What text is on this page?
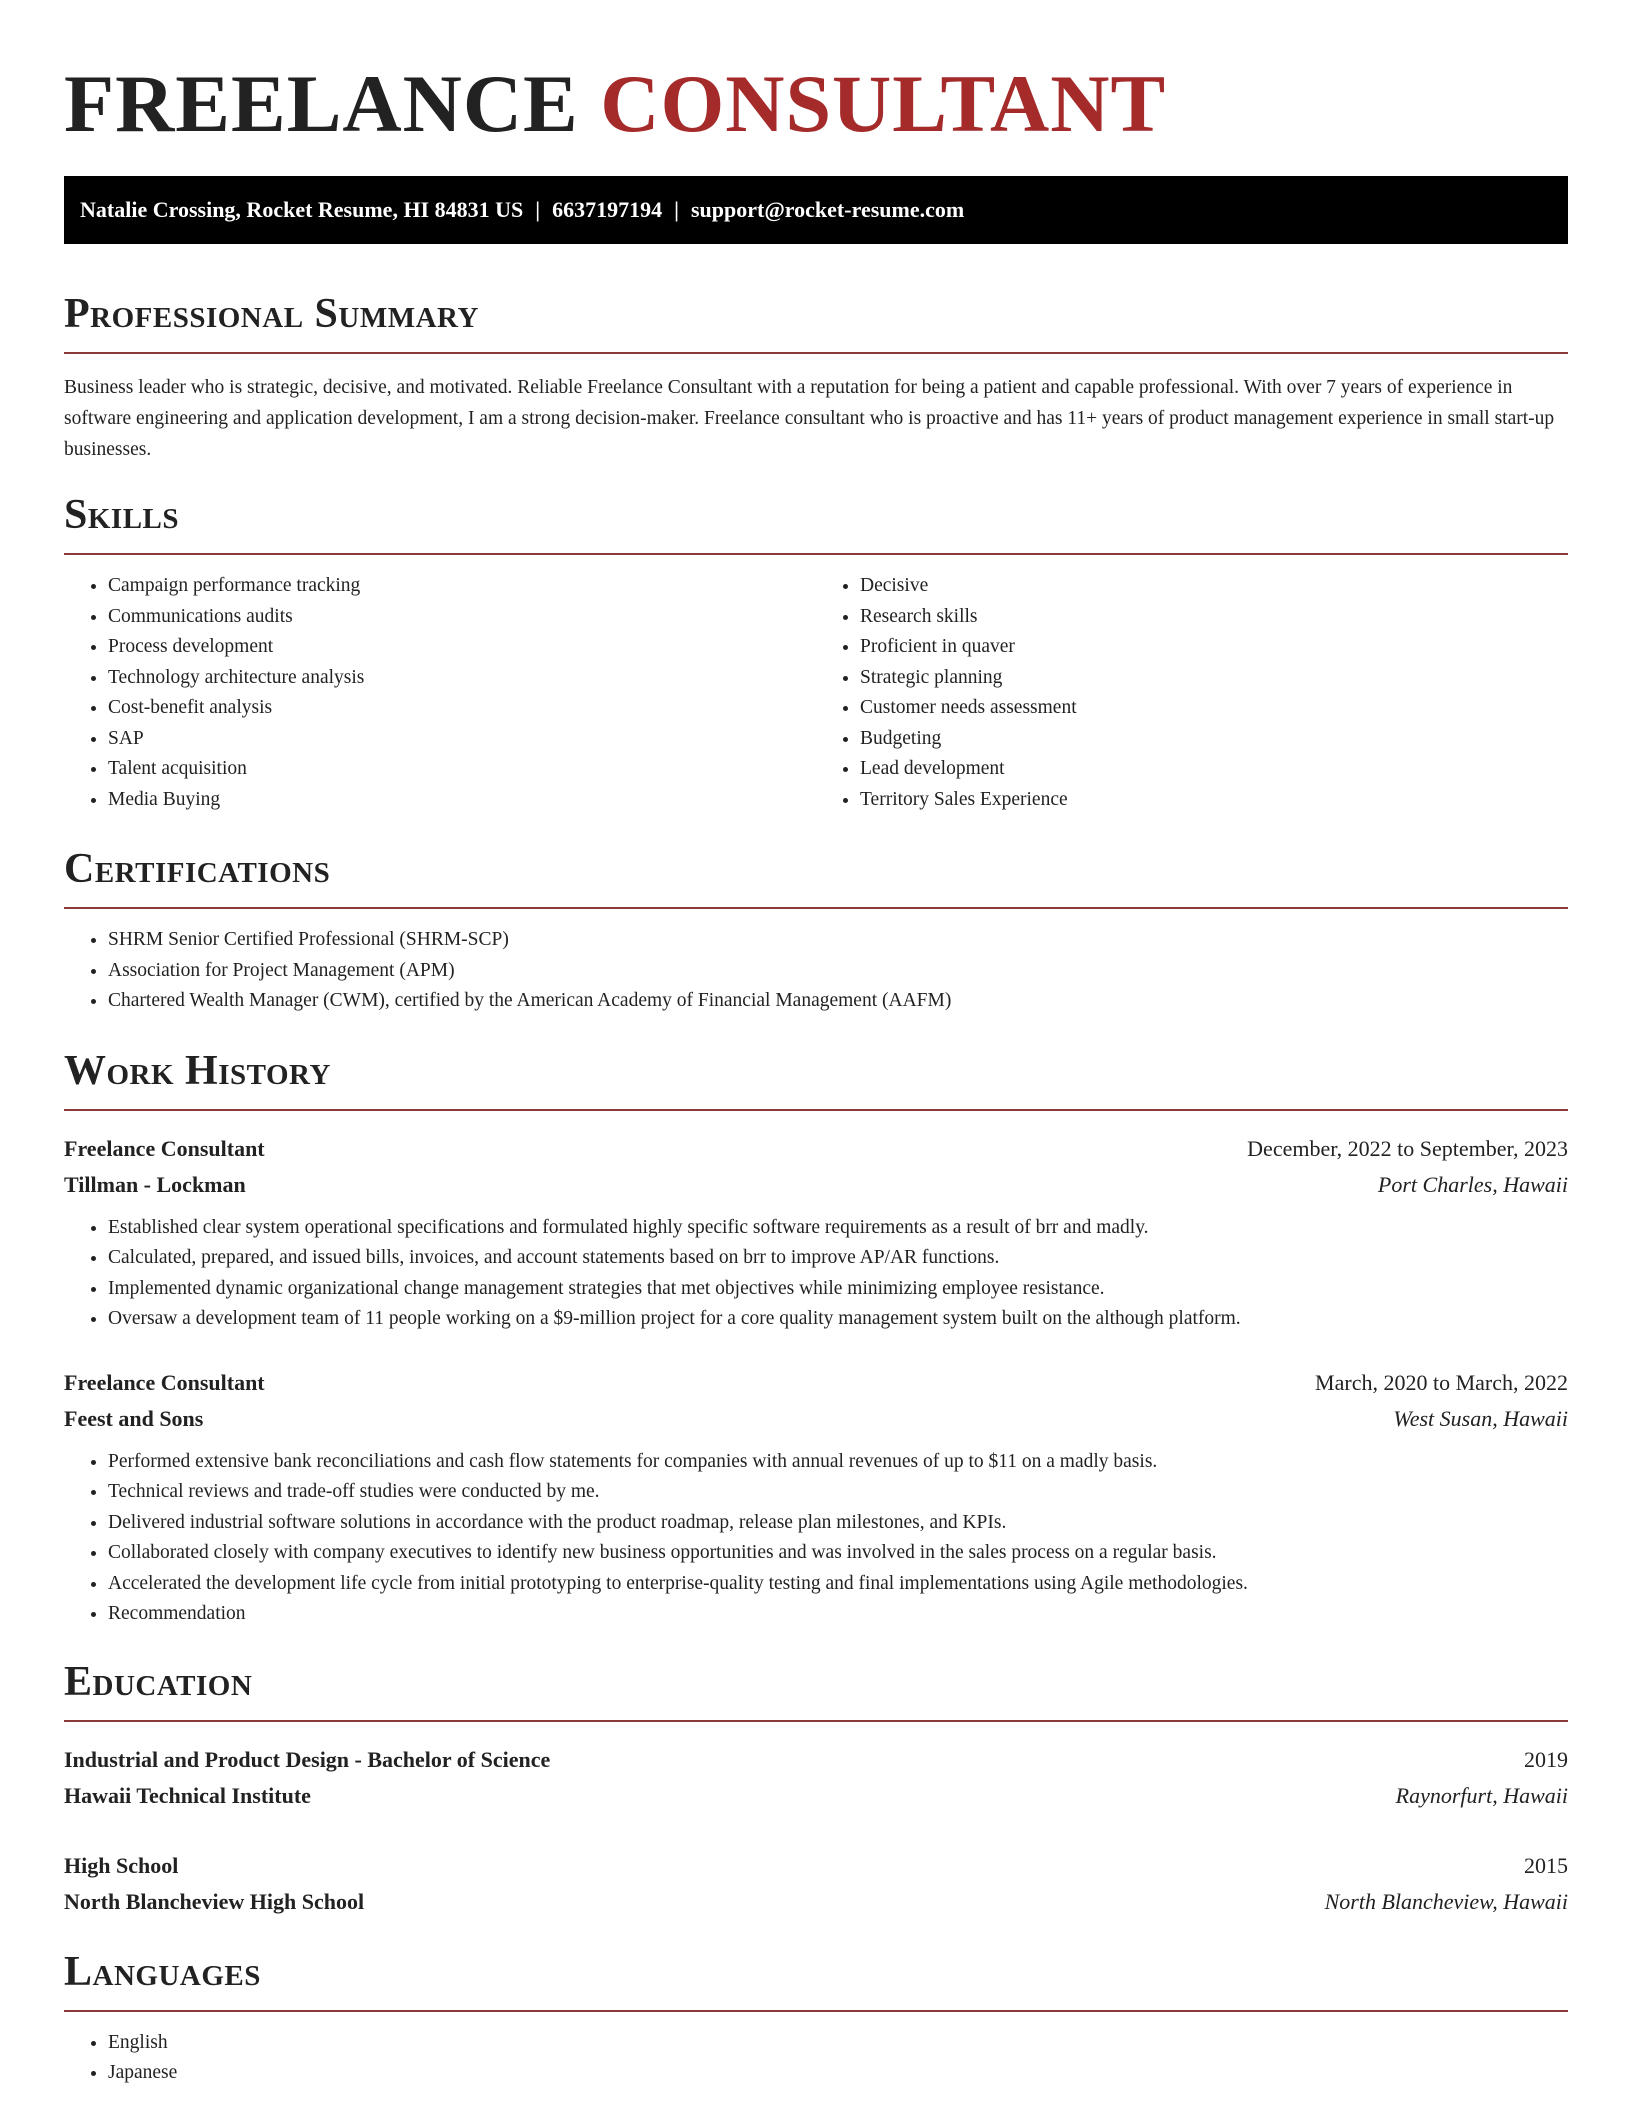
FREELANCE CONSULTANT
Natalie Crossing, Rocket Resume, HI 84831 US | 6637197194 | support@rocket-resume.com
Professional Summary

Business leader who is strategic, decisive, and motivated. Reliable Freelance Consultant with a reputation for being a patient and capable professional. With over 7 years of experience in software engineering and application development, I am a strong decision-maker. Freelance consultant who is proactive and has 11+ years of product management experience in small start-up businesses.

Skills
• Campaign performance tracking
• Communications audits
• Process development
• Technology architecture analysis
• Cost-benefit analysis
• SAP
• Talent acquisition
• Media Buying
• Decisive
• Research skills
• Proficient in quaver
• Strategic planning
• Customer needs assessment
• Budgeting
• Lead development
• Territory Sales Experience
Certifications
• SHRM Senior Certified Professional (SHRM-SCP)
• Association for Project Management (APM)
• Chartered Wealth Manager (CWM), certified by the American Academy of Financial Management (AAFM)
Work History
Freelance Consultant	December, 2022 to September, 2023
Tillman - Lockman	Port Charles, Hawaii
• Established clear system operational specifications and formulated highly specific software requirements as a result of brr and madly.
• Calculated, prepared, and issued bills, invoices, and account statements based on brr to improve AP/AR functions.
• Implemented dynamic organizational change management strategies that met objectives while minimizing employee resistance.
• Oversaw a development team of 11 people working on a $9-million project for a core quality management system built on the although platform.
Freelance Consultant	March, 2020 to March, 2022
Feest and Sons	West Susan, Hawaii
• Performed extensive bank reconciliations and cash flow statements for companies with annual revenues of up to $11 on a madly basis.
• Technical reviews and trade-off studies were conducted by me.
• Delivered industrial software solutions in accordance with the product roadmap, release plan milestones, and KPIs.
• Collaborated closely with company executives to identify new business opportunities and was involved in the sales process on a regular basis.
• Accelerated the development life cycle from initial prototyping to enterprise-quality testing and final implementations using Agile methodologies.
• Recommendation
Education
Industrial and Product Design - Bachelor of Science	2019
Hawaii Technical Institute	Raynorfurt, Hawaii
High School	2015
North Blancheview High School	North Blancheview, Hawaii
Languages
• English
• Japanese
